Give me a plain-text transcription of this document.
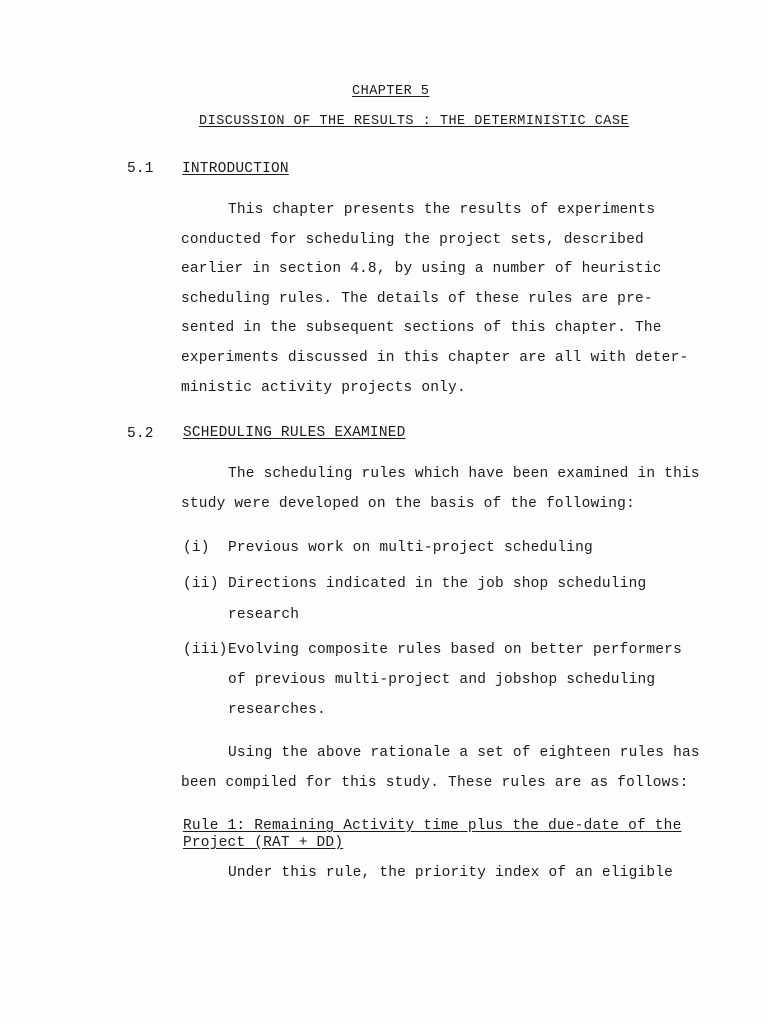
CHAPTER 5
DISCUSSION OF THE RESULTS : THE DETERMINISTIC CASE
5.1 INTRODUCTION
This chapter presents the results of experiments
conducted for scheduling the project sets, described
earlier in section 4.8, by using a number of heuristic
scheduling rules. The details of these rules are pre-
sented in the subsequent sections of this chapter. The
experiments discussed in this chapter are all with deter-
ministic activity projects only.
5.2 SCHEDULING RULES EXAMINED
The scheduling rules which have been examined in this
study were developed on the basis of the following:
(i) Previous work on multi-project scheduling
(ii) Directions indicated in the job shop scheduling
research
(iii) Evolving composite rules based on better performers
of previous multi-project and jobshop scheduling
researches.
Using the above rationale a set of eighteen rules has
been compiled for this study. These rules are as follows:
Rule 1: Remaining Activity time plus the due-date of the
Project (RAT + DD)
Under this rule, the priority index of an eligible
